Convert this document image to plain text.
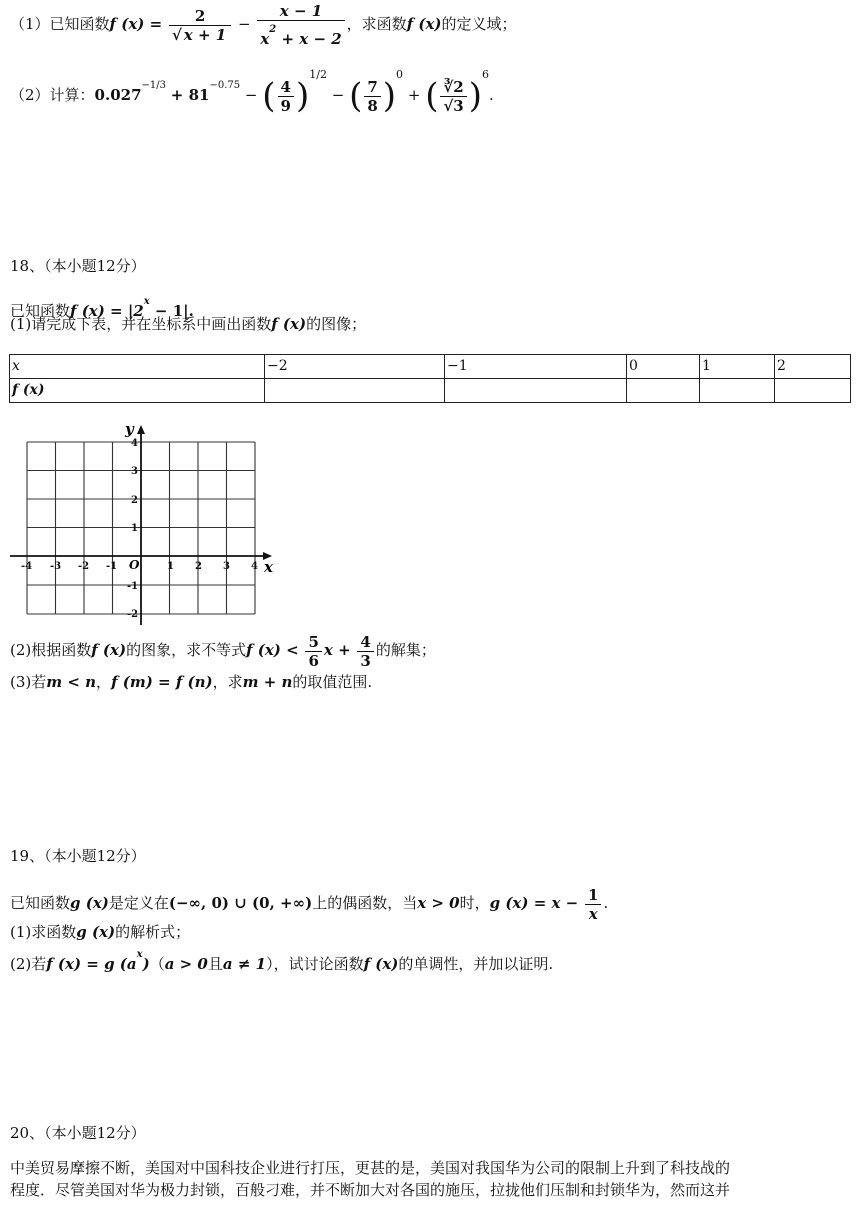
（1）已知函数f $(x) = \frac{2}{√ x + 1} - \frac{x - 1}{x^2 + x - 2}$ ，求函数f (x)的定义域；
（2）计算：$0.027^{-1/3} + 81^{-0.75}$ − ( $\frac{4}{9} )^{1/2}$ − ( $\frac{7}{8} )^0$ + ( $\frac{∛2}{√3} )^6$.
18、（本小题12分）
已知函数f $(x) = |2^x - 1|$.
(1)请完成下表，并在坐标系中画出函数f (x)的图像；
x	−2	−1	0	1	2
f (x)					
x
y
O
-4 -3 -2 -1	1 2 3 4
4
3
2
1
-1
-2
(2)根据函数f (x)的图象，求不等式f $(x) < \frac{5}{6}$ $x + \frac{4}{3}$ 的解集；
(3)若m < n，f (m) = f (n)，求m + n的取值范围.
19、（本小题12分）
已知函数g (x)是定义在(−∞, 0) ∪ (0, +∞)上的偶函数，当x > 0时，g $(x) = x - \frac{1}{x}$ .
(1)求函数g (x)的解析式；
(2)若f (x) = g $(a^x)(a > 0$且a ≠ 1），试讨论函数f (x)的单调性，并加以证明.
20、（本小题12分）
中美贸易摩擦不断，美国对中国科技企业进行打压，更甚的是，美国对我国华为公司的限制上升到了科技战的
程度．尽管美国对华为极力封锁，百般刁难，并不断加大对各国的施压，拉拢他们压制和封锁华为，然而这并
